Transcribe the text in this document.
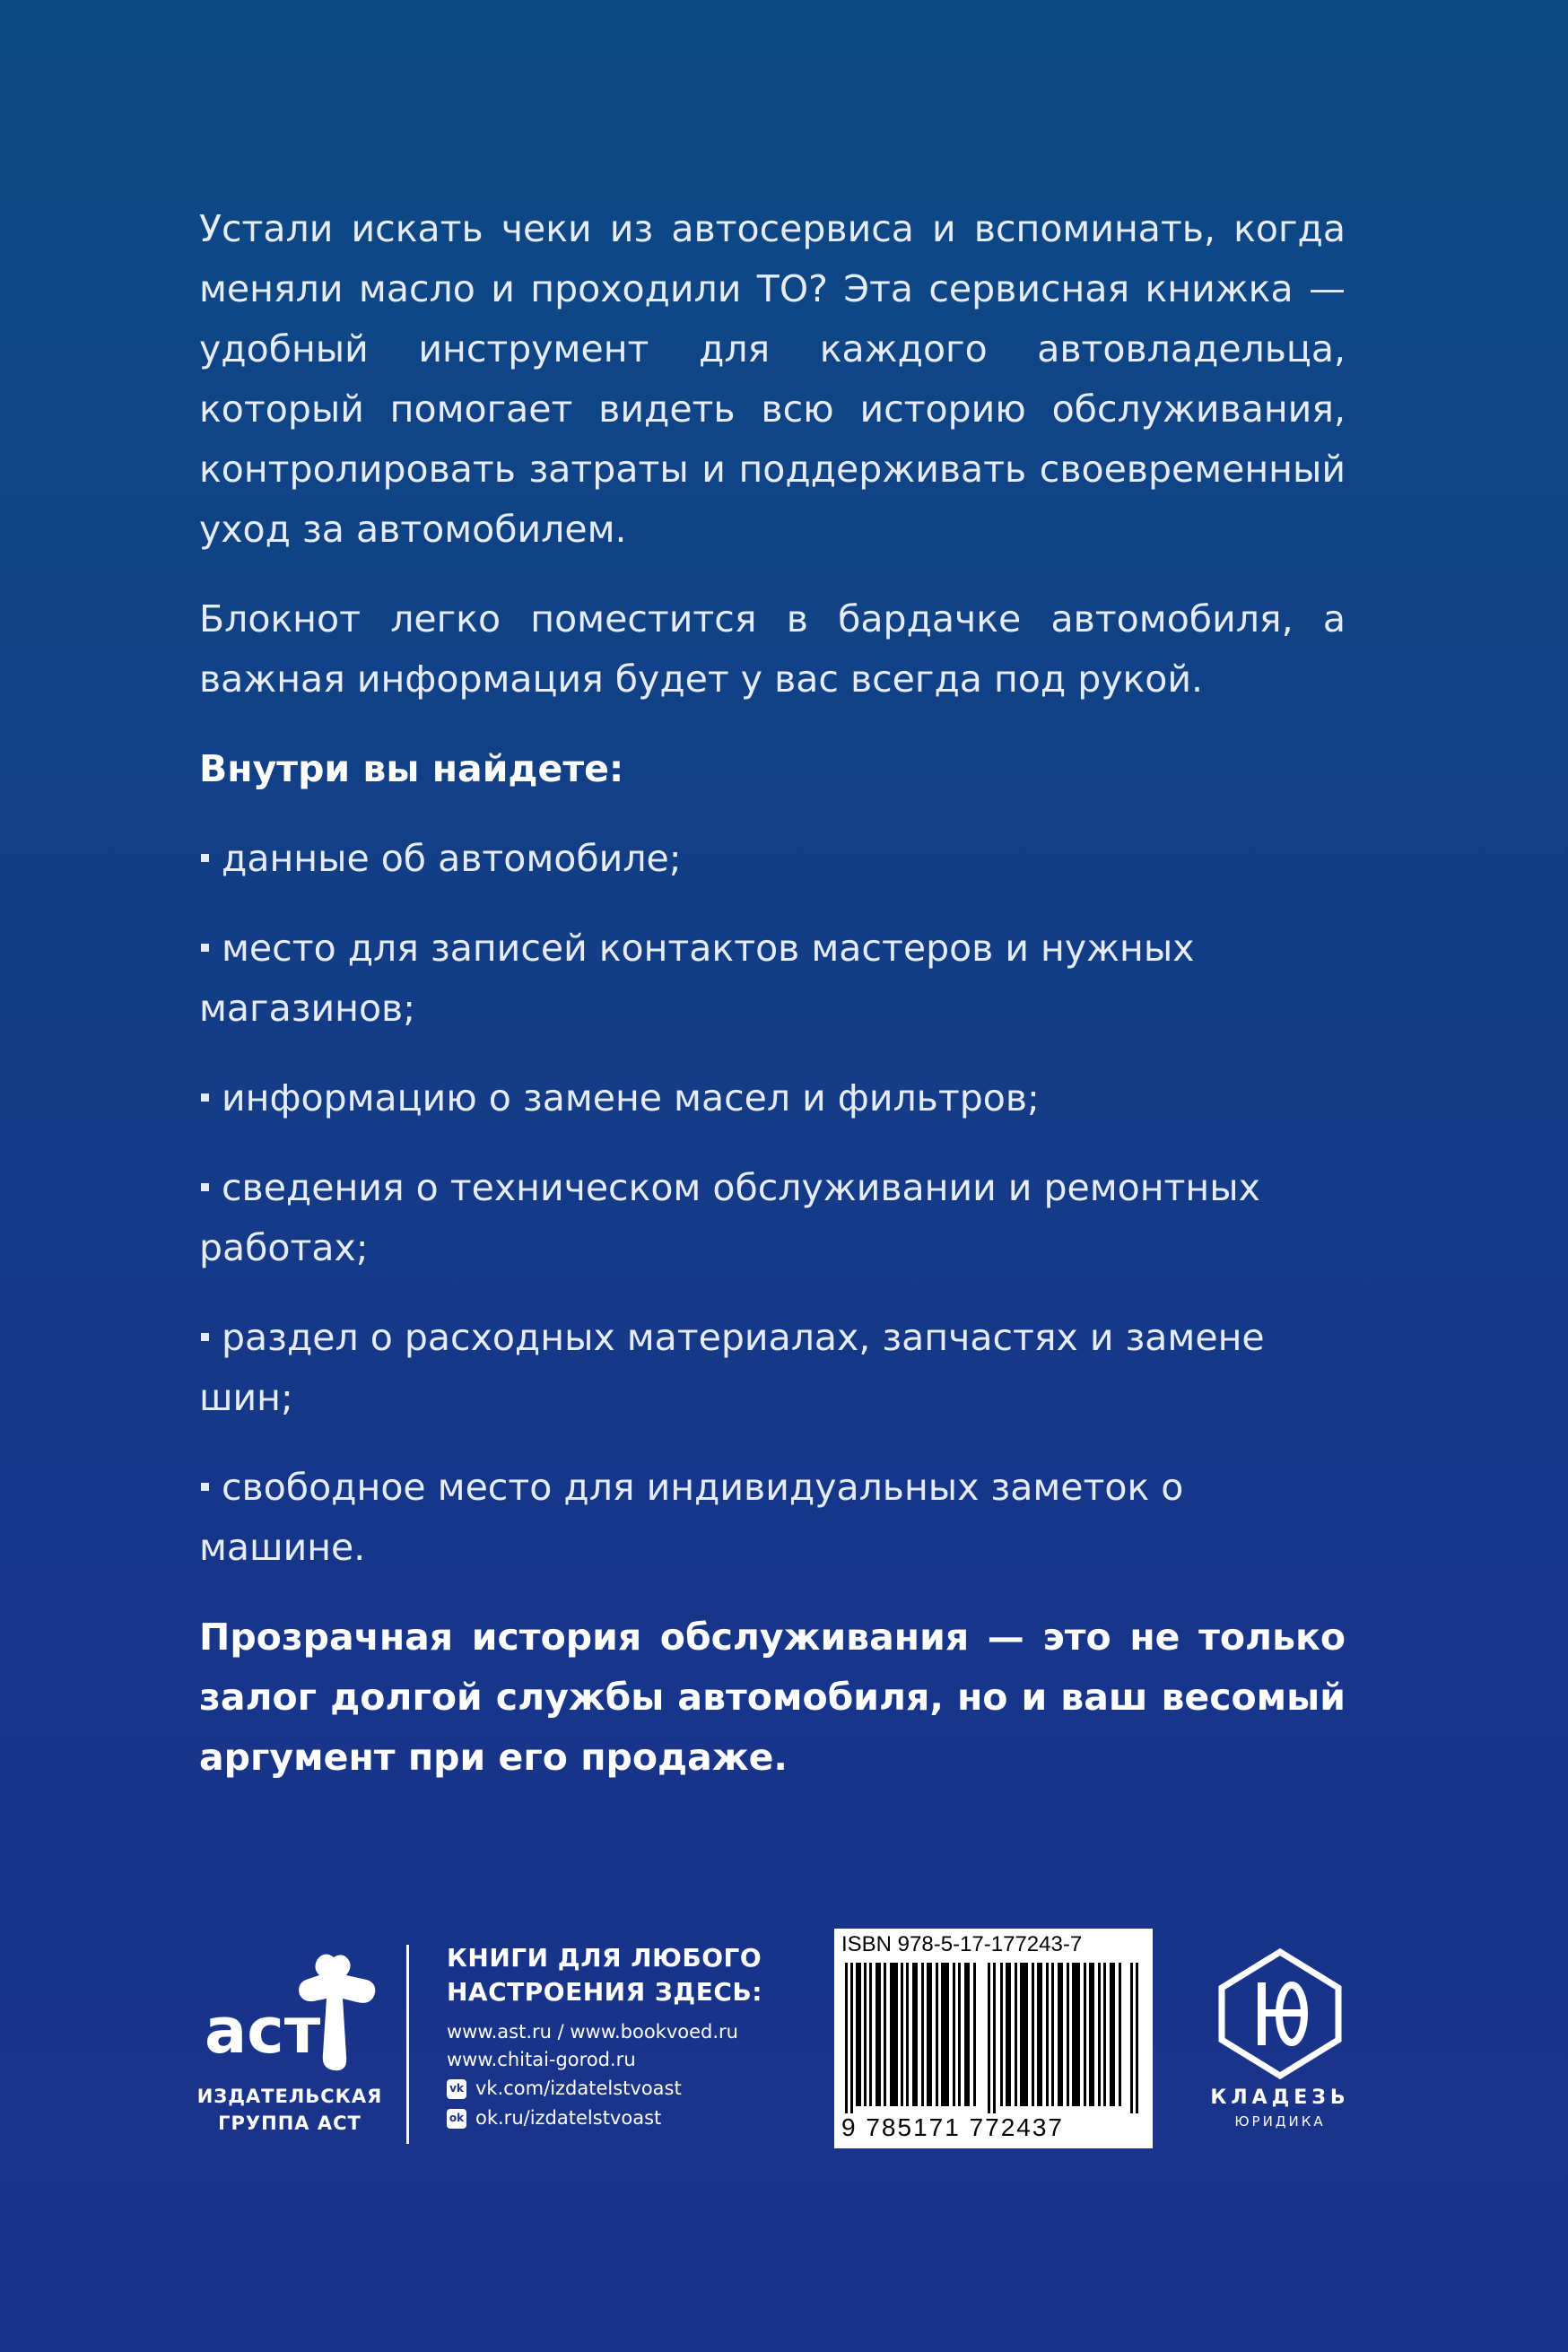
Устали искать чеки из автосервиса и вспоминать, когда меняли масло и проходили ТО? Эта сервисная книжка — удобный инструмент для каждого автовладельца, который помогает видеть всю историю обслуживания, контролировать затраты и поддерживать своевременный уход за автомобилем.

Блокнот легко поместится в бардачке автомобиля, а важная информация будет у вас всегда под рукой.

Внутри вы найдете:

данные об автомобиле;
место для записей контактов мастеров и нужных магазинов;
информацию о замене масел и фильтров;
сведения о техническом обслуживании и ремонтных работах;
раздел о расходных материалах, запчастях и замене шин;
свободное место для индивидуальных заметок о машине.

Прозрачная история обслуживания — это не только залог долгой службы автомобиля, но и ваш весомый аргумент при его продаже.

аст
ИЗДАТЕЛЬСКАЯ
ГРУППА АСТ
КНИГИ ДЛЯ ЛЮБОГО
НАСТРОЕНИЯ ЗДЕСЬ:
www.ast.ru / www.bookvoed.ru
www.chitai-gorod.ru
vk vk.com/izdatelstvoast
ok ok.ru/izdatelstvoast
ISBN 978-5-17-177243-7
9 785171 772437
КЛАДЕЗЬ
ЮРИДИКА
